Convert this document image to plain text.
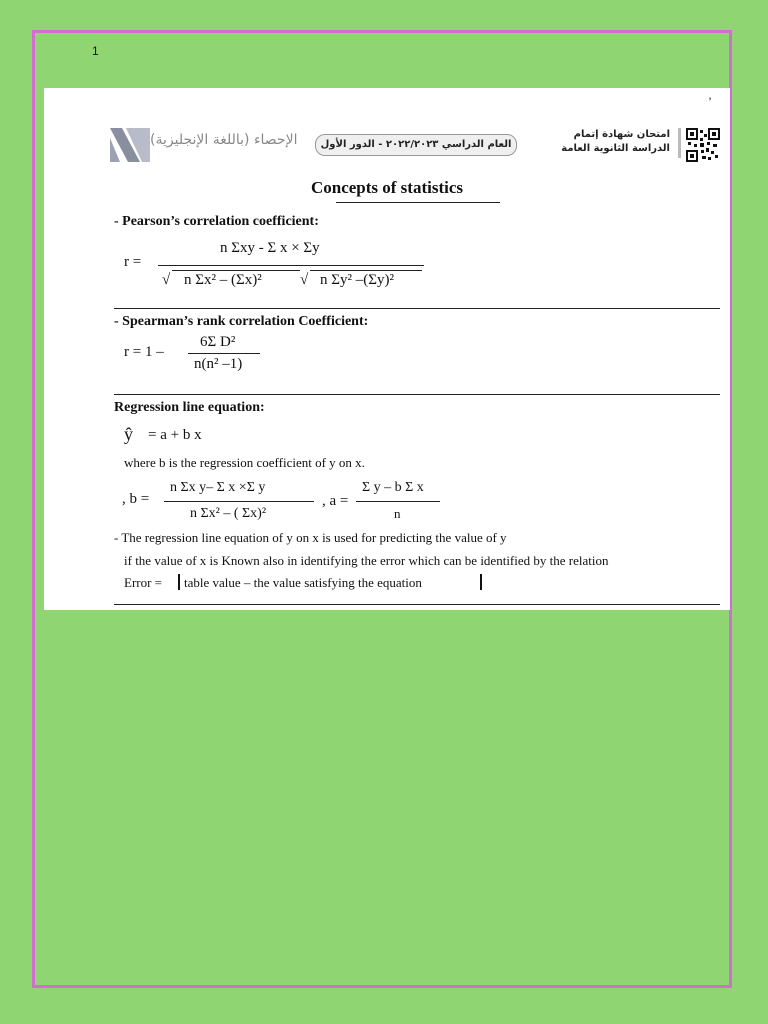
1
’
الإحصاء (باللغة الإنجليزية)	العام الدراسي ٢٠٢٢/٢٠٢٣ - الدور الأول
امتحان شهادة إتمام
الدراسة الثانوية العامة
Concepts of statistics
- Pearson’s correlation coefficient:
r =
n Σxy - Σ x × Σy
√ n Σx² – (Σx)²	√ n Σy² –(Σy)²
- Spearman’s rank correlation Coefficient:
r = 1 –
6Σ D²
n(n² –1)
Regression line equation:
ŷ = a + b x
where b is the regression coefficient of y on x.
, b =
n Σx y– Σ x ×Σ y
n Σx² – ( Σx)²
, a =
Σ y – b Σ x
n
- The regression line equation of y on x is used for predicting the value of y
if the value of x is Known also in identifying the error which can be identified by the relation
Error = table value – the value satisfying the equation
